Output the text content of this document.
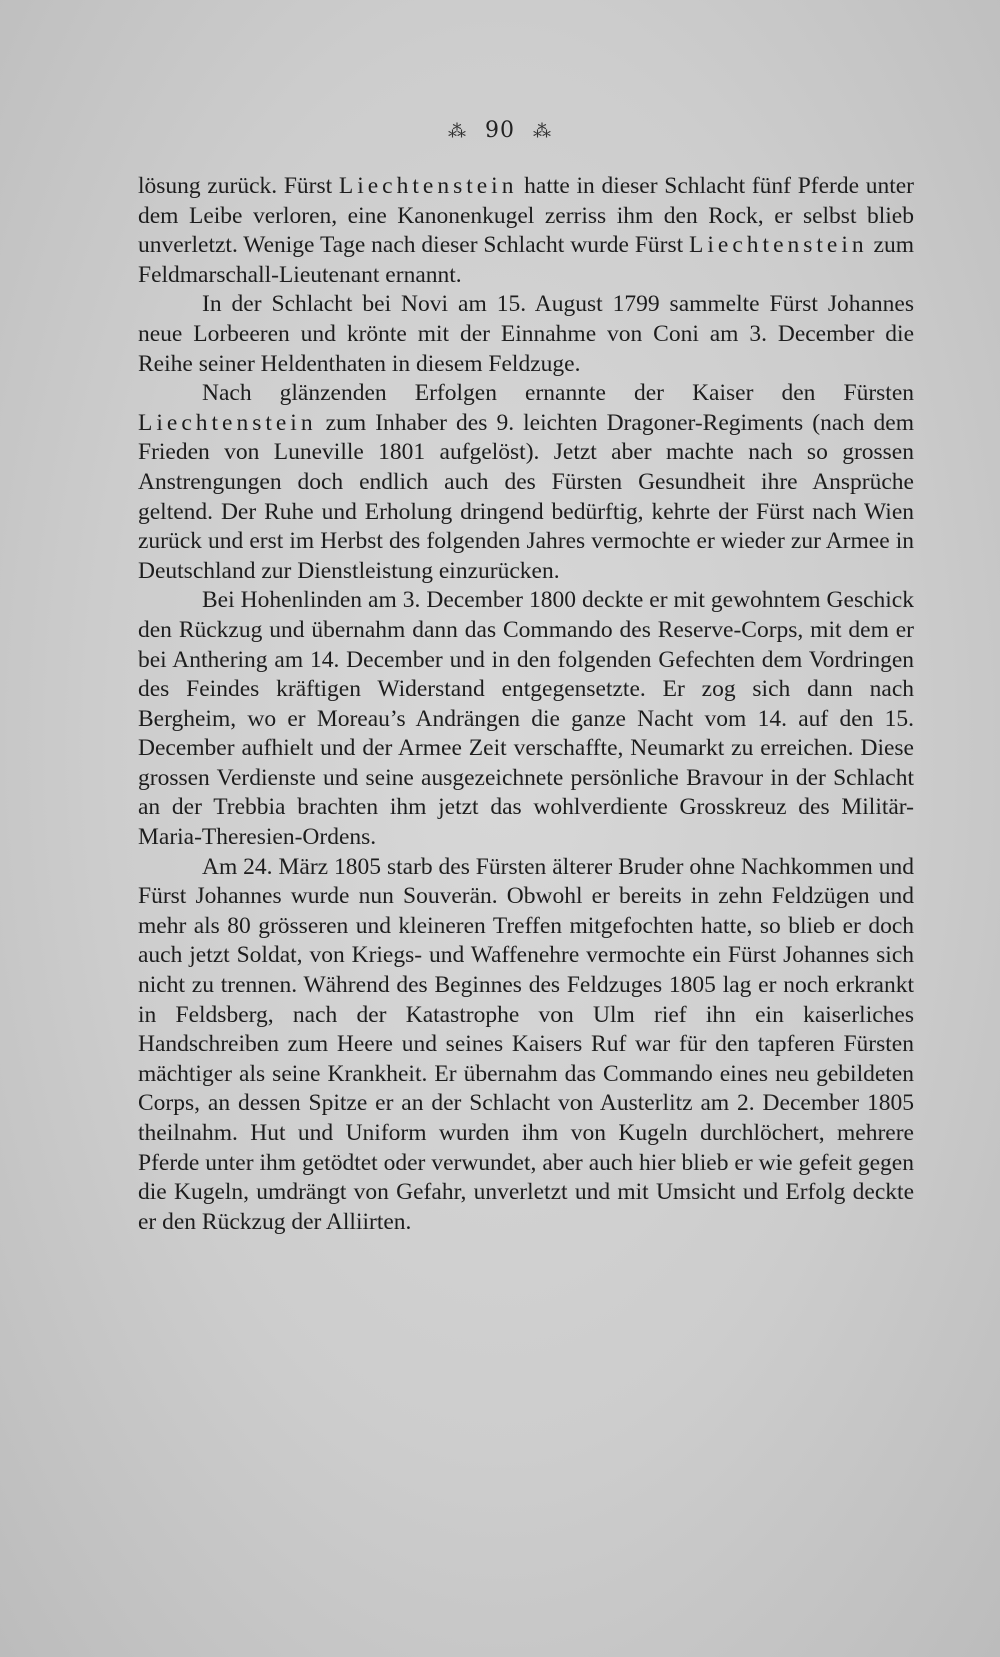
⁂ 90 ⁂

lösung zurück. Fürst Liechtenstein hatte in dieser Schlacht fünf Pferde unter dem Leibe verloren, eine Kanonenkugel zerriss ihm den Rock, er selbst blieb unverletzt. Wenige Tage nach dieser Schlacht wurde Fürst Liechtenstein zum Feldmarschall-Lieutenant ernannt.

In der Schlacht bei Novi am 15. August 1799 sammelte Fürst Johannes neue Lorbeeren und krönte mit der Einnahme von Coni am 3. December die Reihe seiner Heldenthaten in diesem Feldzuge.

Nach glänzenden Erfolgen ernannte der Kaiser den Fürsten Liechtenstein zum Inhaber des 9. leichten Dragoner-Regiments (nach dem Frieden von Luneville 1801 aufgelöst). Jetzt aber machte nach so grossen Anstrengungen doch endlich auch des Fürsten Gesundheit ihre Ansprüche geltend. Der Ruhe und Erholung dringend bedürftig, kehrte der Fürst nach Wien zurück und erst im Herbst des folgenden Jahres vermochte er wieder zur Armee in Deutschland zur Dienstleistung einzurücken.

Bei Hohenlinden am 3. December 1800 deckte er mit gewohntem Geschick den Rückzug und übernahm dann das Commando des Reserve-Corps, mit dem er bei Anthering am 14. December und in den folgenden Gefechten dem Vordringen des Feindes kräftigen Widerstand entgegensetzte. Er zog sich dann nach Bergheim, wo er Moreau’s Andrängen die ganze Nacht vom 14. auf den 15. December aufhielt und der Armee Zeit verschaffte, Neumarkt zu erreichen. Diese grossen Verdienste und seine ausgezeichnete persönliche Bravour in der Schlacht an der Trebbia brachten ihm jetzt das wohlverdiente Grosskreuz des Militär-Maria-Theresien-Ordens.

Am 24. März 1805 starb des Fürsten älterer Bruder ohne Nachkommen und Fürst Johannes wurde nun Souverän. Obwohl er bereits in zehn Feldzügen und mehr als 80 grösseren und kleineren Treffen mitgefochten hatte, so blieb er doch auch jetzt Soldat, von Kriegs- und Waffenehre vermochte ein Fürst Johannes sich nicht zu trennen. Während des Beginnes des Feldzuges 1805 lag er noch erkrankt in Feldsberg, nach der Katastrophe von Ulm rief ihn ein kaiserliches Handschreiben zum Heere und seines Kaisers Ruf war für den tapferen Fürsten mächtiger als seine Krankheit. Er übernahm das Commando eines neu gebildeten Corps, an dessen Spitze er an der Schlacht von Austerlitz am 2. December 1805 theilnahm. Hut und Uniform wurden ihm von Kugeln durchlöchert, mehrere Pferde unter ihm getödtet oder verwundet, aber auch hier blieb er wie gefeit gegen die Kugeln, umdrängt von Gefahr, unverletzt und mit Umsicht und Erfolg deckte er den Rückzug der Alliirten.
